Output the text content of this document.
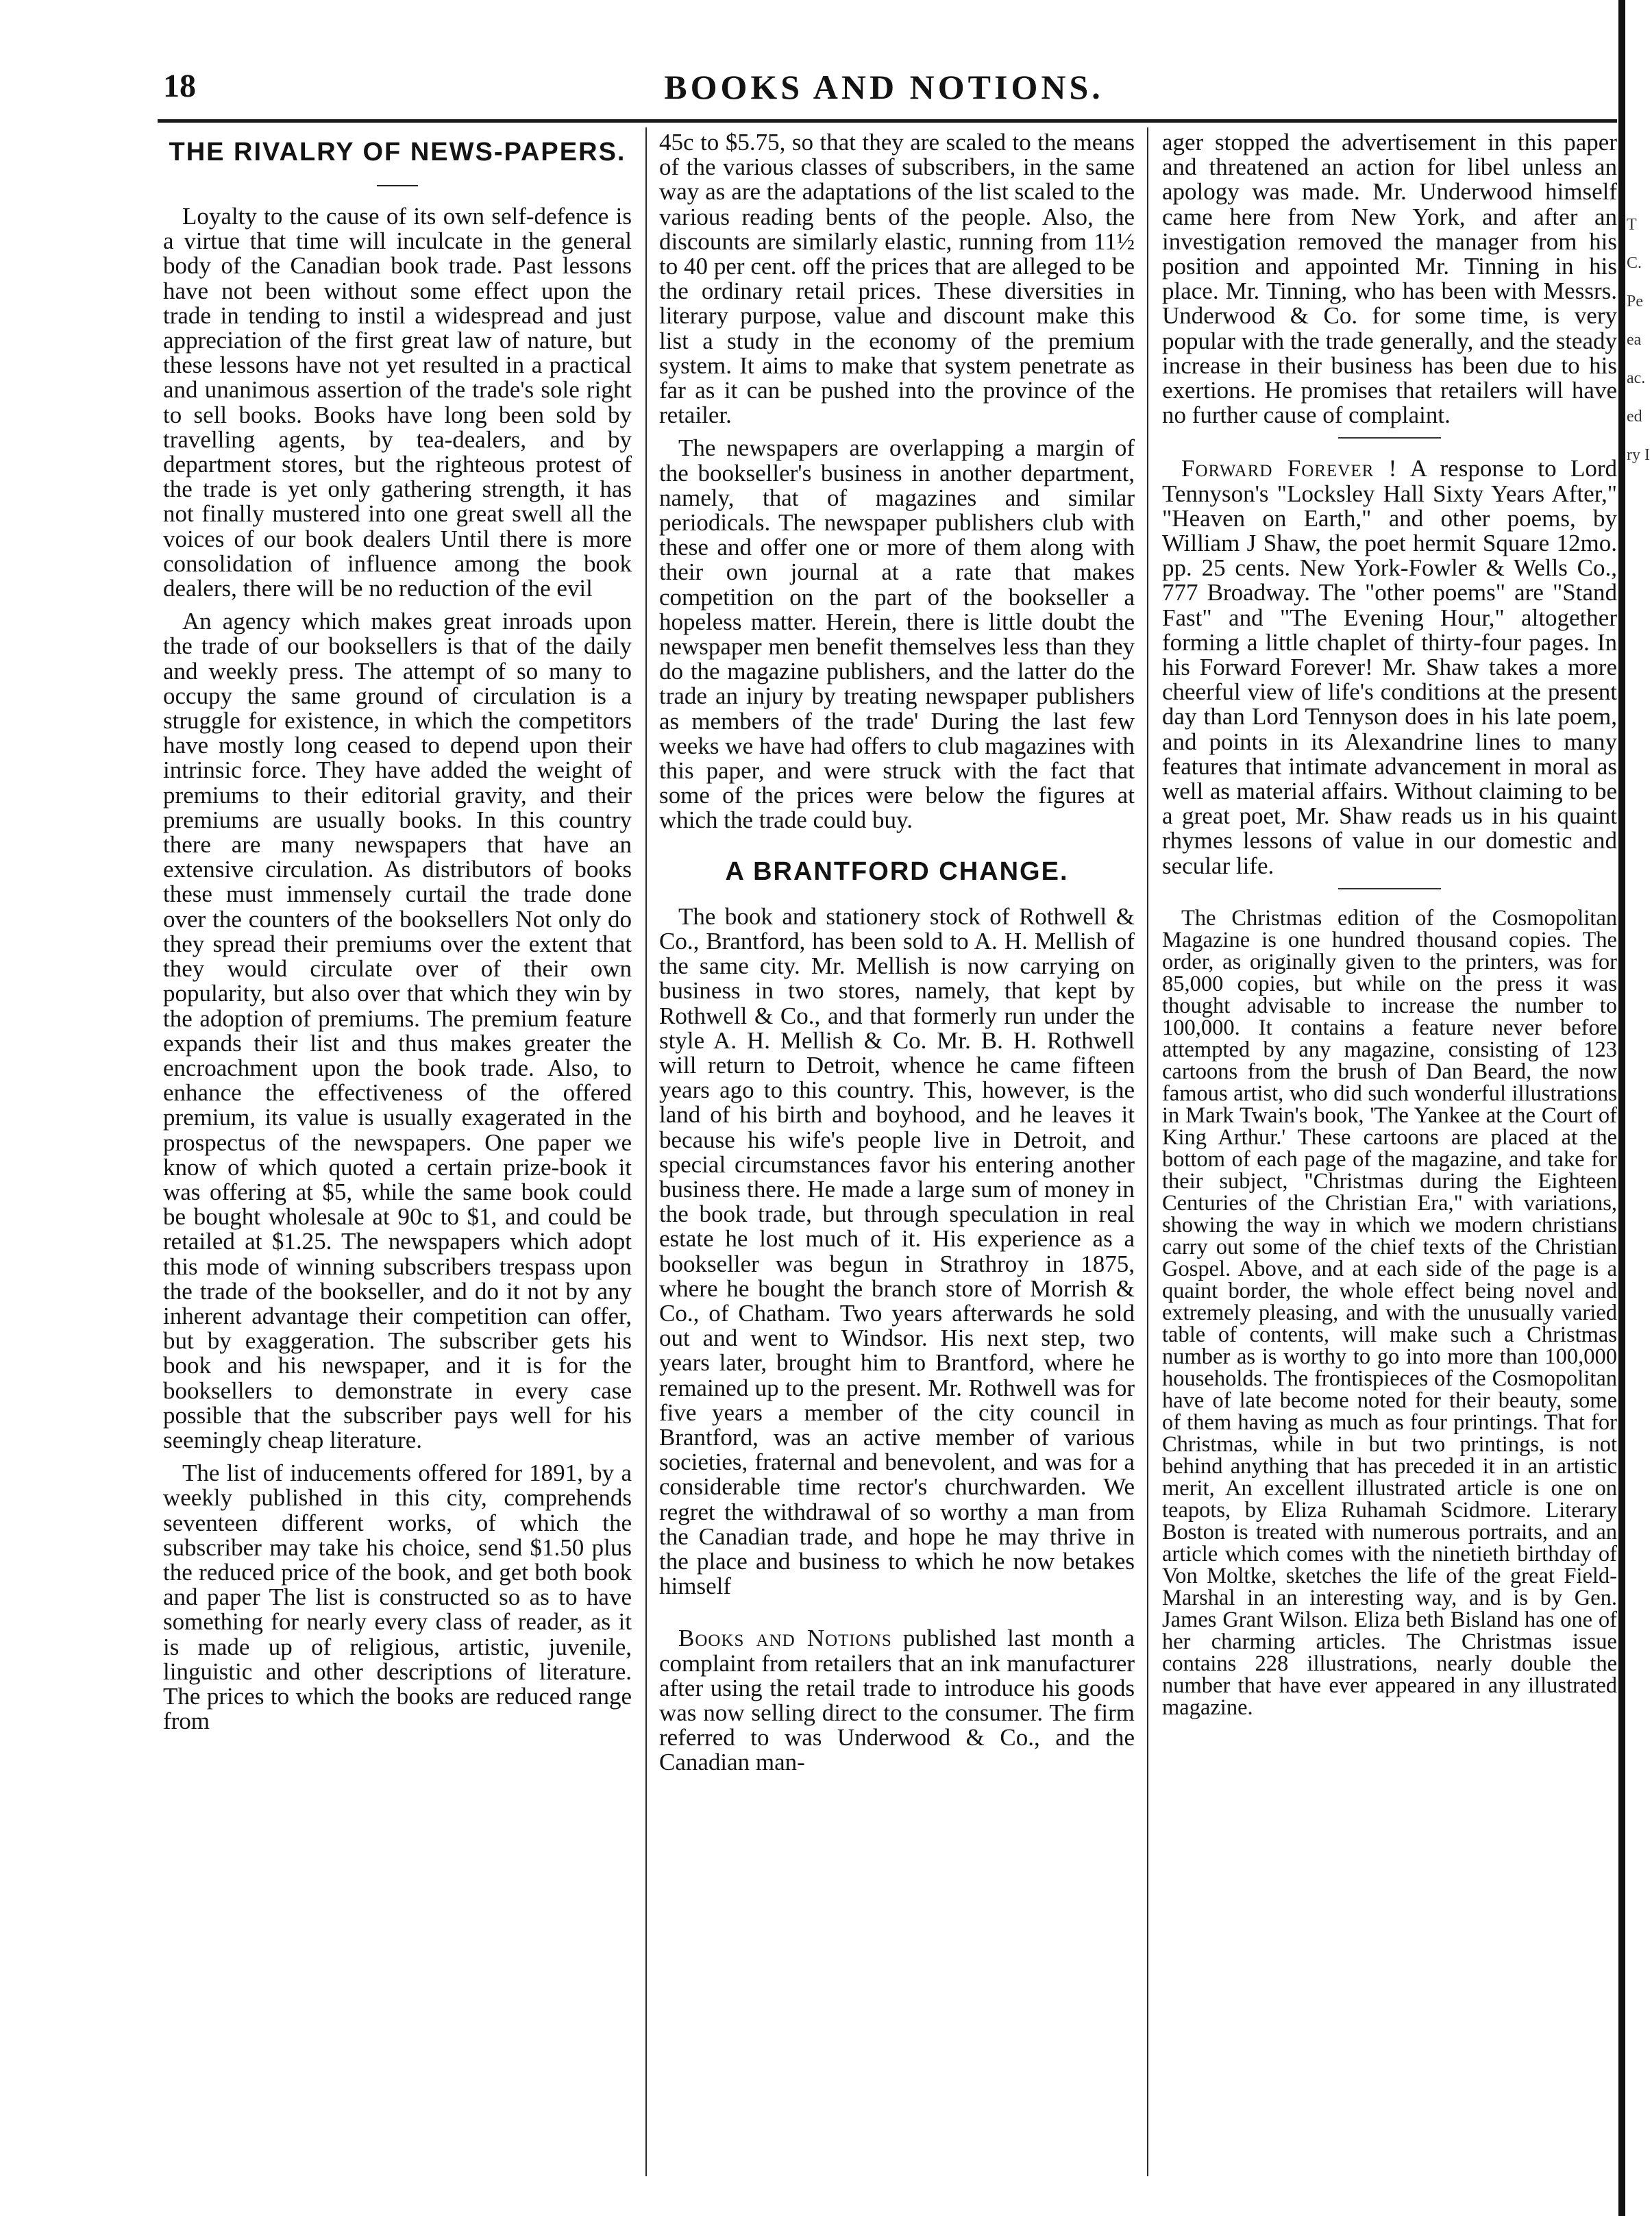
18	BOOKS AND NOTIONS.
THE RIVALRY OF NEWS-PAPERS.

Loyalty to the cause of its own self-defence is a virtue that time will inculcate in the general body of the Canadian book trade. Past lessons have not been without some effect upon the trade in tending to instil a widespread and just appreciation of the first great law of nature, but these lessons have not yet resulted in a practical and unanimous assertion of the trade's sole right to sell books. Books have long been sold by travelling agents, by tea-dealers, and by department stores, but the righteous protest of the trade is yet only gathering strength, it has not finally mustered into one great swell all the voices of our book dealers Until there is more consolidation of influence among the book dealers, there will be no reduction of the evil

An agency which makes great inroads upon the trade of our booksellers is that of the daily and weekly press. The attempt of so many to occupy the same ground of circulation is a struggle for existence, in which the competitors have mostly long ceased to depend upon their intrinsic force. They have added the weight of premiums to their editorial gravity, and their premiums are usually books. In this country there are many newspapers that have an extensive circulation. As distributors of books these must immensely curtail the trade done over the counters of the booksellers Not only do they spread their premiums over the extent that they would circulate over of their own popularity, but also over that which they win by the adoption of premiums. The premium feature expands their list and thus makes greater the encroachment upon the book trade. Also, to enhance the effectiveness of the offered premium, its value is usually exagerated in the prospectus of the newspapers. One paper we know of which quoted a certain prize-book it was offering at $5, while the same book could be bought wholesale at 90c to $1, and could be retailed at $1.25. The newspapers which adopt this mode of winning subscribers trespass upon the trade of the bookseller, and do it not by any inherent advantage their competition can offer, but by exaggeration. The subscriber gets his book and his newspaper, and it is for the booksellers to demonstrate in every case possible that the subscriber pays well for his seemingly cheap literature.

The list of inducements offered for 1891, by a weekly published in this city, comprehends seventeen different works, of which the subscriber may take his choice, send $1.50 plus the reduced price of the book, and get both book and paper The list is constructed so as to have something for nearly every class of reader, as it is made up of religious, artistic, juvenile, linguistic and other descriptions of literature. The prices to which the books are reduced range from

45c to $5.75, so that they are scaled to the means of the various classes of subscribers, in the same way as are the adaptations of the list scaled to the various reading bents of the people. Also, the discounts are similarly elastic, running from 11½ to 40 per cent. off the prices that are alleged to be the ordinary retail prices. These diversities in literary purpose, value and discount make this list a study in the economy of the premium system. It aims to make that system penetrate as far as it can be pushed into the province of the retailer.

The newspapers are overlapping a margin of the bookseller's business in another department, namely, that of magazines and similar periodicals. The newspaper publishers club with these and offer one or more of them along with their own journal at a rate that makes competition on the part of the bookseller a hopeless matter. Herein, there is little doubt the newspaper men benefit themselves less than they do the magazine publishers, and the latter do the trade an injury by treating newspaper publishers as members of the trade' During the last few weeks we have had offers to club magazines with this paper, and were struck with the fact that some of the prices were below the figures at which the trade could buy.

A BRANTFORD CHANGE.

The book and stationery stock of Rothwell & Co., Brantford, has been sold to A. H. Mellish of the same city. Mr. Mellish is now carrying on business in two stores, namely, that kept by Rothwell & Co., and that formerly run under the style A. H. Mellish & Co. Mr. B. H. Rothwell will return to Detroit, whence he came fifteen years ago to this country. This, however, is the land of his birth and boyhood, and he leaves it because his wife's people live in Detroit, and special circumstances favor his entering another business there. He made a large sum of money in the book trade, but through speculation in real estate he lost much of it. His experience as a bookseller was begun in Strathroy in 1875, where he bought the branch store of Morrish & Co., of Chatham. Two years afterwards he sold out and went to Windsor. His next step, two years later, brought him to Brantford, where he remained up to the present. Mr. Rothwell was for five years a member of the city council in Brantford, was an active member of various societies, fraternal and benevolent, and was for a considerable time rector's churchwarden. We regret the withdrawal of so worthy a man from the Canadian trade, and hope he may thrive in the place and business to which he now betakes himself

Books and Notions published last month a complaint from retailers that an ink manufacturer after using the retail trade to introduce his goods was now selling direct to the consumer. The firm referred to was Underwood & Co., and the Canadian man-

ager stopped the advertisement in this paper and threatened an action for libel unless an apology was made. Mr. Underwood himself came here from New York, and after an investigation removed the manager from his position and appointed Mr. Tinning in his place. Mr. Tinning, who has been with Messrs. Underwood & Co. for some time, is very popular with the trade generally, and the steady increase in their business has been due to his exertions. He promises that retailers will have no further cause of complaint.

Forward Forever ! A response to Lord Tennyson's "Locksley Hall Sixty Years After," "Heaven on Earth," and other poems, by William J Shaw, the poet hermit Square 12mo. pp. 25 cents. New York-Fowler & Wells Co., 777 Broadway. The "other poems" are "Stand Fast" and "The Evening Hour," altogether forming a little chaplet of thirty-four pages. In his Forward Forever! Mr. Shaw takes a more cheerful view of life's conditions at the present day than Lord Tennyson does in his late poem, and points in its Alexandrine lines to many features that intimate advancement in moral as well as material affairs. Without claiming to be a great poet, Mr. Shaw reads us in his quaint rhymes lessons of value in our domestic and secular life.

The Christmas edition of the Cosmopolitan Magazine is one hundred thousand copies. The order, as originally given to the printers, was for 85,000 copies, but while on the press it was thought advisable to increase the number to 100,000. It contains a feature never before attempted by any magazine, consisting of 123 cartoons from the brush of Dan Beard, the now famous artist, who did such wonderful illustrations in Mark Twain's book, 'The Yankee at the Court of King Arthur.' These cartoons are placed at the bottom of each page of the magazine, and take for their subject, "Christmas during the Eighteen Centuries of the Christian Era," with variations, showing the way in which we modern christians carry out some of the chief texts of the Christian Gospel. Above, and at each side of the page is a quaint border, the whole effect being novel and extremely pleasing, and with the unusually varied table of contents, will make such a Christmas number as is worthy to go into more than 100,000 households. The frontispieces of the Cosmopolitan have of late become noted for their beauty, some of them having as much as four printings. That for Christmas, while in but two printings, is not behind anything that has preceded it in an artistic merit, An excellent illustrated article is one on teapots, by Eliza Ruhamah Scidmore. Literary Boston is treated with numerous portraits, and an article which comes with the ninetieth birthday of Von Moltke, sketches the life of the great Field-Marshal in an interesting way, and is by Gen. James Grant Wilson. Eliza beth Bisland has one of her charming articles. The Christmas issue contains 228 illustrations, nearly double the number that have ever appeared in any illustrated magazine.

T C. Pe ea ac. ed ry I
